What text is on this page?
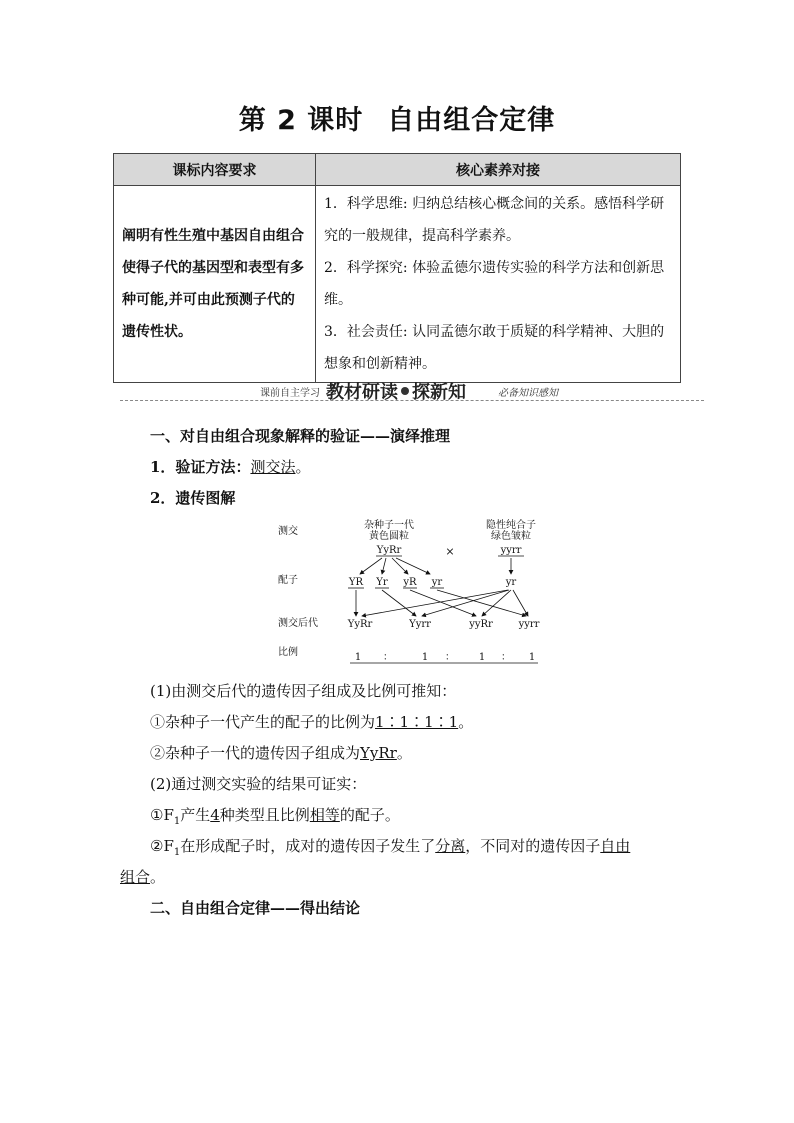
第 2 课时 自由组合定律
课标内容要求	核心素养对接
阐明有性生殖中基因自由组合使得子代的基因型和表型有多种可能,并可由此预测子代的遗传性状。	1．科学思维: 归纳总结核心概念间的关系。感悟科学研究的一般规律，提高科学素养。
2．科学探究: 体验孟德尔遗传实验的科学方法和创新思维。
3．社会责任: 认同孟德尔敢于质疑的科学精神、大胆的想象和创新精神。
课前自主学习 教材研读 探新知	必备知识感知
一、对自由组合现象解释的验证——演绎推理
1．验证方法：测交法。
2．遗传图解
测交
配子
测交后代
比例
杂种子一代
黄色圆粒
YyRr	×
隐性纯合子
绿色皱粒
yyrr
YR Yr yR yr	yr
YyRr	Yyrr	yyRr	yyrr
1 ：	1 ： 1 ： 1
(1)由测交后代的遗传因子组成及比例可推知：
①杂种子一代产生的配子的比例为1∶1∶1∶1。
②杂种子一代的遗传因子组成为YyRr。
(2)通过测交实验的结果可证实：
$①F_1$产生4种类型且比例相等的配子。
$②F_1$在形成配子时，成对的遗传因子发生了分离，不同对的遗传因子自由
组合。
二、自由组合定律——得出结论
